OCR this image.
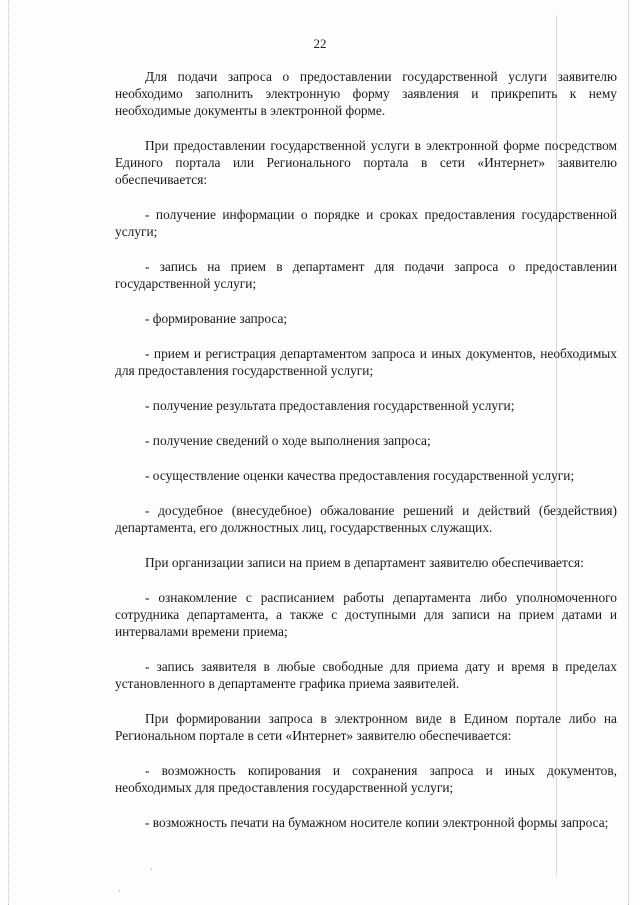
22

Для подачи запроса о предоставлении государственной услуги заявителю необходимо заполнить электронную форму заявления и прикрепить к нему необходимые документы в электронной форме.

При предоставлении государственной услуги в электронной форме посредством Единого портала или Регионального портала в сети «Интернет» заявителю обеспечивается:

- получение информации о порядке и сроках предоставления государственной услуги;

- запись на прием в департамент для подачи запроса о предоставлении государственной услуги;

- формирование запроса;

- прием и регистрация департаментом запроса и иных документов, необходимых для предоставления государственной услуги;

- получение результата предоставления государственной услуги;

- получение сведений о ходе выполнения запроса;

- осуществление оценки качества предоставления государственной услуги;

- досудебное (внесудебное) обжалование решений и действий (бездействия) департамента, его должностных лиц, государственных служащих.

При организации записи на прием в департамент заявителю обеспечивается:

- ознакомление с расписанием работы департамента либо уполномоченного сотрудника департамента, а также с доступными для записи на прием датами и интервалами времени приема;

- запись заявителя в любые свободные для приема дату и время в пределах установленного в департаменте графика приема заявителей.

При формировании запроса в электронном виде в Едином портале либо на Региональном портале в сети «Интернет» заявителю обеспечивается:

- возможность копирования и сохранения запроса и иных документов, необходимых для предоставления государственной услуги;

- возможность печати на бумажном носителе копии электронной формы запроса;
